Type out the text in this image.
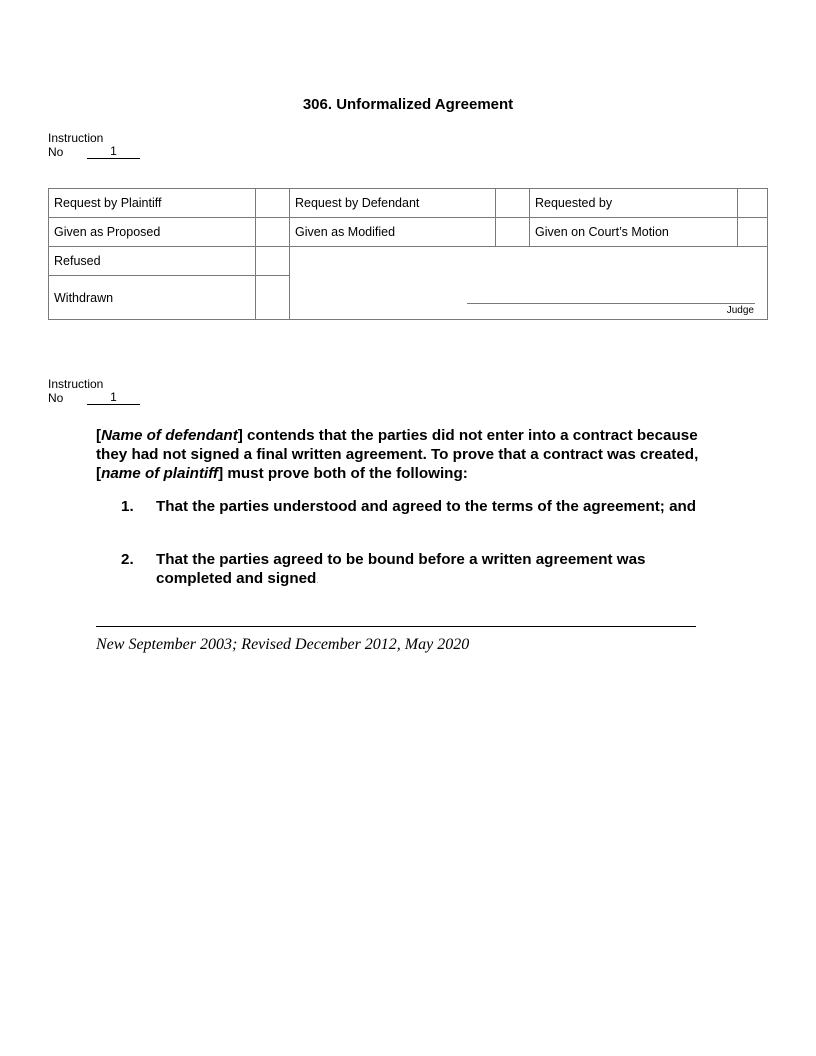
306. Unformalized Agreement
Instruction
No	1
Request by Plaintiff	Request by Defendant	Requested by
Given as Proposed	Given as Modified	Given on Court’s Motion
Refused
Withdrawn
Judge
Instruction
No	1
[Name of defendant] contends that the parties did not enter into a contract because they had not signed a final written agreement. To prove that a contract was created, [name of plaintiff] must prove both of the following:
1. That the parties understood and agreed to the terms of the agreement; and
2. That the parties agreed to be bound before a written agreement was completed and signed.
New September 2003; Revised December 2012, May 2020
